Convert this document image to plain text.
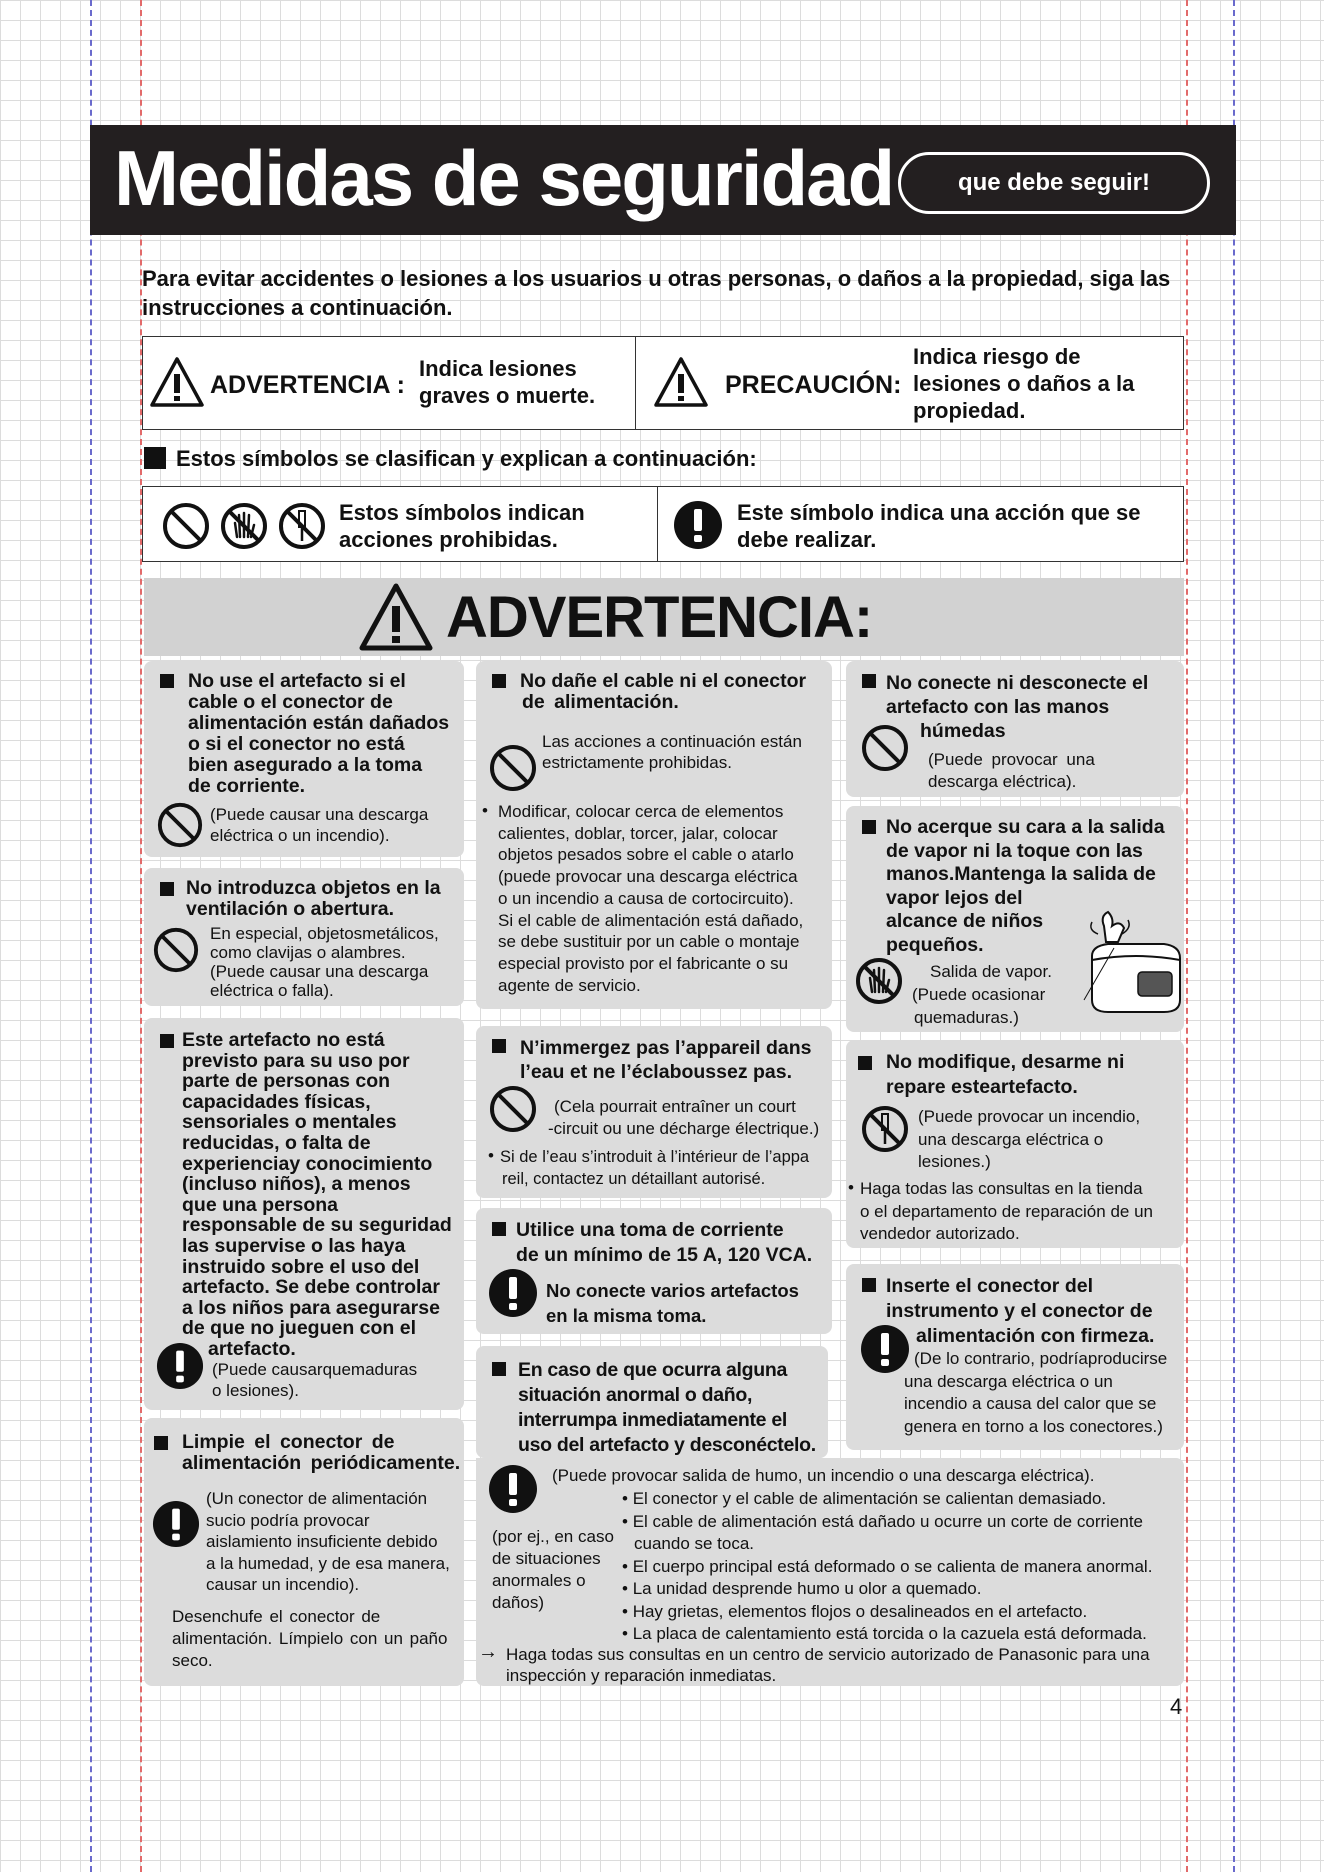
Medidas de seguridad	que debe seguir!
Para evitar accidentes o lesiones a los usuarios u otras personas, o daños a la propiedad, siga las instrucciones a continuación.
ADVERTENCIA :
Indica lesiones
graves o muerte.	PRECAUCIÓN:
Indica riesgo de
lesiones o daños a la
propiedad.
Estos símbolos se clasifican y explican a continuación:
Estos símbolos indican
acciones prohibidas.
Este símbolo indica una acción que se
debe realizar.
ADVERTENCIA:
No use el artefacto si el
cable o el conector de
alimentación están dañados
o si el conector no está
bien asegurado a la toma
de corriente.
(Puede causar una descarga
eléctrica o un incendio).
No introduzca objetos en la
ventilación o abertura.
En especial, objetosmetálicos,
como clavijas o alambres.
(Puede causar una descarga
eléctrica o falla).
Este artefacto no está
previsto para su uso por
parte de personas con
capacidades físicas,
sensoriales o mentales
reducidas, o falta de
experienciay conocimiento
(incluso niños), a menos
que una persona
responsable de su seguridad
las supervise o las haya
instruido sobre el uso del
artefacto. Se debe controlar
a los niños para asegurarse
de que no jueguen con el
artefacto.
(Puede causarquemaduras
o lesiones).
Limpie el conector de
alimentación periódicamente.
(Un conector de alimentación
sucio podría provocar
aislamiento insuficiente debido
a la humedad, y de esa manera,
causar un incendio).
Desenchufe el conector de
alimentación. Límpielo con un paño
seco.
No dañe el cable ni el conector
de alimentación.
Las acciones a continuación están
estrictamente prohibidas.
• Modificar, colocar cerca de elementos
calientes, doblar, torcer, jalar, colocar
objetos pesados sobre el cable o atarlo
(puede provocar una descarga eléctrica
o un incendio a causa de cortocircuito).
Si el cable de alimentación está dañado,
se debe sustituir por un cable o montaje
especial provisto por el fabricante o su
agente de servicio.
N’immergez pas l’appareil dans
l’eau et ne l’éclaboussez pas.
(Cela pourrait entraîner un court
-circuit ou une décharge électrique.)
• Si de l’eau s’introduit à l’intérieur de l’appa
reil, contactez un détaillant autorisé.
Utilice una toma de corriente
de un mínimo de 15 A, 120 VCA.
No conecte varios artefactos
en la misma toma.
En caso de que ocurra alguna
situación anormal o daño,
interrumpa inmediatamente el
uso del artefacto y desconéctelo.
(Puede provocar salida de humo, un incendio o una descarga eléctrica).
(por ej., en caso
de situaciones
anormales o
daños)
• El conector y el cable de alimentación se calientan demasiado.
• El cable de alimentación está dañado u ocurre un corte de corriente
cuando se toca.
• El cuerpo principal está deformado o se calienta de manera anormal.
• La unidad desprende humo u olor a quemado.
• Hay grietas, elementos flojos o desalineados en el artefacto.
• La placa de calentamiento está torcida o la cazuela está deformada.
→ Haga todas sus consultas en un centro de servicio autorizado de Panasonic para una
inspección y reparación inmediatas.
No conecte ni desconecte el
artefacto con las manos
húmedas
(Puede provocar una
descarga eléctrica).
No acerque su cara a la salida
de vapor ni la toque con las
manos.Mantenga la salida de
vapor lejos del
alcance de niños
pequeños.
Salida de vapor.
(Puede ocasionar
quemaduras.)
No modifique, desarme ni
repare esteartefacto.
(Puede provocar un incendio,
una descarga eléctrica o
lesiones.)
• Haga todas las consultas en la tienda
o el departamento de reparación de un
vendedor autorizado.
Inserte el conector del
instrumento y el conector de
alimentación con firmeza.
(De lo contrario, podríaproducirse
una descarga eléctrica o un
incendio a causa del calor que se
genera en torno a los conectores.)
4
